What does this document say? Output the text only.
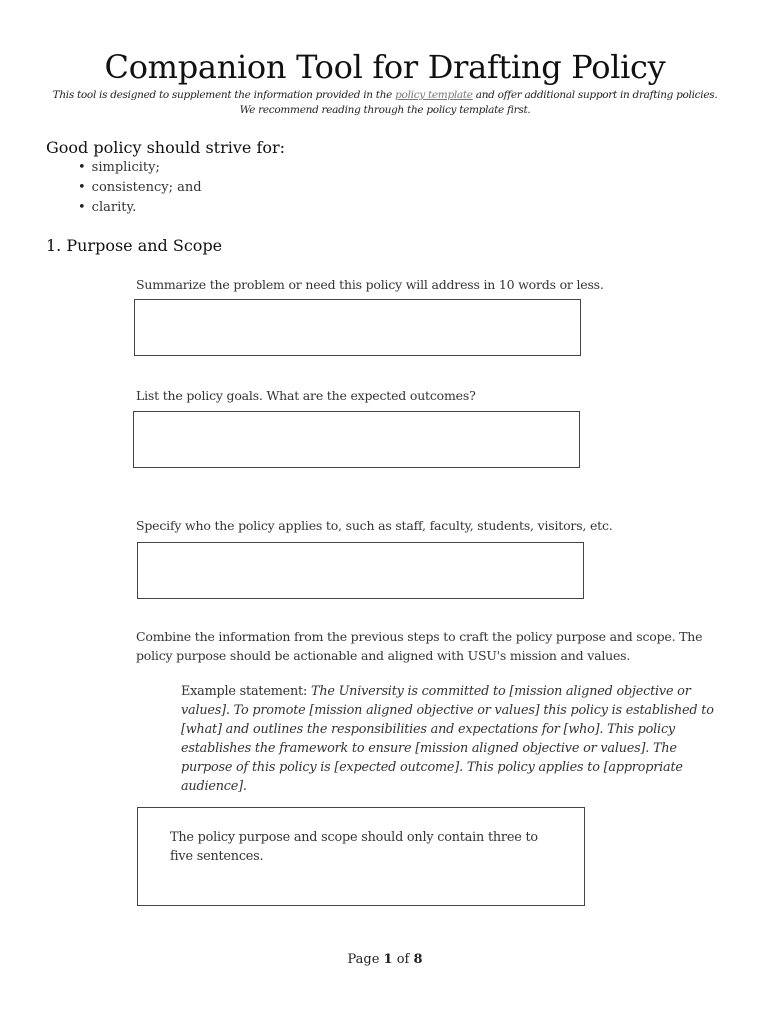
Companion Tool for Drafting Policy
This tool is designed to supplement the information provided in the policy template and offer additional support in drafting policies.
We recommend reading through the policy template first.
Good policy should strive for:
• simplicity;
• consistency; and
• clarity.
1. Purpose and Scope
Summarize the problem or need this policy will address in 10 words or less.
List the policy goals. What are the expected outcomes?
Specify who the policy applies to, such as staff, faculty, students, visitors, etc.
Combine the information from the previous steps to craft the policy purpose and scope. The
policy purpose should be actionable and aligned with USU's mission and values.
Example statement: The University is committed to [mission aligned objective or values]. To promote [mission aligned objective or values] this policy is established to [what] and outlines the responsibilities and expectations for [who]. This policy establishes the framework to ensure [mission aligned objective or values]. The purpose of this policy is [expected outcome]. This policy applies to [appropriate audience].
The policy purpose and scope should only contain three to five sentences.
Page 1 of 8
